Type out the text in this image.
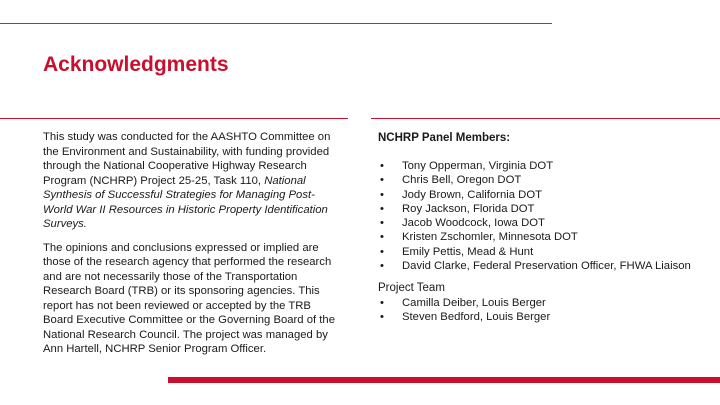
Acknowledgments

This study was conducted for the AASHTO Committee on the Environment and Sustainability, with funding provided through the National Cooperative Highway Research Program (NCHRP) Project 25-25, Task 110, National Synthesis of Successful Strategies for Managing Post-World War II Resources in Historic Property Identification Surveys.

The opinions and conclusions expressed or implied are those of the research agency that performed the research and are not necessarily those of the Transportation Research Board (TRB) or its sponsoring agencies. This report has not been reviewed or accepted by the TRB Board Executive Committee or the Governing Board of the National Research Council. The project was managed by Ann Hartell, NCHRP Senior Program Officer.

NCHRP Panel Members:
• Tony Opperman, Virginia DOT
• Chris Bell, Oregon DOT
• Jody Brown, California DOT
• Roy Jackson, Florida DOT
• Jacob Woodcock, Iowa DOT
• Kristen Zschomler, Minnesota DOT
• Emily Pettis, Mead & Hunt
• David Clarke, Federal Preservation Officer, FHWA Liaison
Project Team
• Camilla Deiber, Louis Berger
• Steven Bedford, Louis Berger
